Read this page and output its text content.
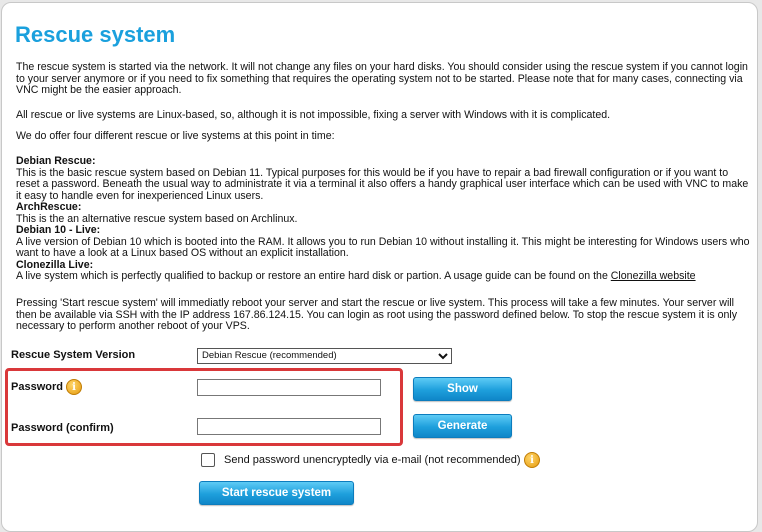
Rescue system
The rescue system is started via the network. It will not change any files on your hard disks. You should consider using the rescue system if you cannot login to your server anymore or if you need to fix something that requires the operating system not to be started. Please note that for many cases, connecting via VNC might be the easier approach.
All rescue or live systems are Linux-based, so, although it is not impossible, fixing a server with Windows with it is complicated.
We do offer four different rescue or live systems at this point in time:
Debian Rescue:
This is the basic rescue system based on Debian 11. Typical purposes for this would be if you have to repair a bad firewall configuration or if you want to reset a password. Beneath the usual way to administrate it via a terminal it also offers a handy graphical user interface which can be used with VNC to make it easy to handle even for inexperienced Linux users.
ArchRescue:
This is the an alternative rescue system based on Archlinux.
Debian 10 - Live:
A live version of Debian 10 which is booted into the RAM. It allows you to run Debian 10 without installing it. This might be interesting for Windows users who want to have a look at a Linux based OS without an explicit installation.
Clonezilla Live:
A live system which is perfectly qualified to backup or restore an entire hard disk or partion. A usage guide can be found on the Clonezilla website
Pressing 'Start rescue system' will immediatly reboot your server and start the rescue or live system. This process will take a few minutes. Your server will then be available via SSH with the IP address 167.86.124.15. You can login as root using the password defined below. To stop the rescue system it is only necessary to perform another reboot of your VPS.
Rescue System Version	Debian Rescue (recommended)
Password i	Show
Password (confirm)	Generate
Send password unencryptedly via e-mail (not recommended) i
Start rescue system
